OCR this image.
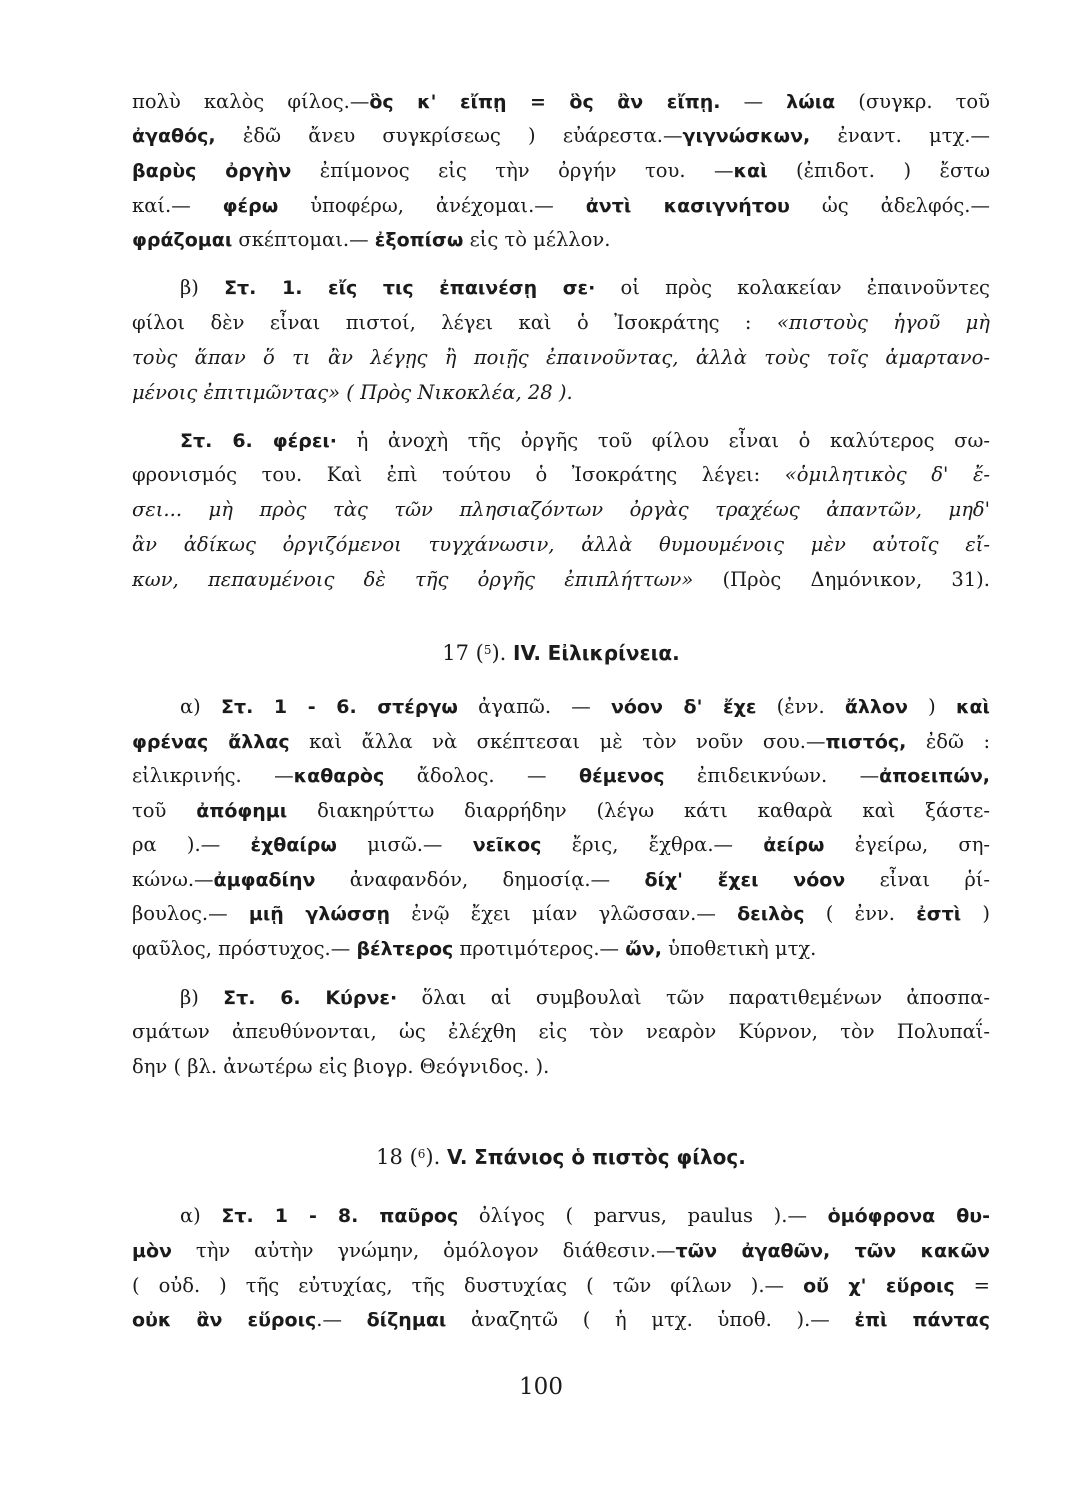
πολὺ καλὸς φίλος.—ὃς κ' εἴπῃ = ὃς ἂν εἴπῃ. — λώια (συγκρ. τοῦ
ἀγαθός, ἐδῶ ἄνευ συγκρίσεως ) εὐάρεστα.—γιγνώσκων, ἐναντ. μτχ.—
βαρὺς ὀργὴν ἐπίμονος εἰς τὴν ὀργήν του. —καὶ (ἐπιδοτ. ) ἔστω
καί.— φέρω ὑποφέρω, ἀνέχομαι.— ἀντὶ κασιγνήτου ὡς ἀδελφός.—
φράζομαι σκέπτομαι.— ἐξοπίσω εἰς τὸ μέλλον.
β) Στ. 1. εἴς τις ἐπαινέσῃ σε· οἱ πρὸς κολακείαν ἐπαινοῦντες
φίλοι δὲν εἶναι πιστοί, λέγει καὶ ὁ Ἰσοκράτης : «πιστοὺς ἡγοῦ μὴ
τοὺς ἅπαν ὅ τι ἂν λέγῃς ἢ ποιῇς ἐπαινοῦντας, ἀλλὰ τοὺς τοῖς ἁμαρτανο-
μένοις ἐπιτιμῶντας» ( Πρὸς Νικοκλέα, 28 ).
Στ. 6. φέρει· ἡ ἀνοχὴ τῆς ὀργῆς τοῦ φίλου εἶναι ὁ καλύτερος σω-
φρονισμός του. Καὶ ἐπὶ τούτου ὁ Ἰσοκράτης λέγει: «ὁμιλητικὸς δ' ἔ-
σει... μὴ πρὸς τὰς τῶν πλησιαζόντων ὀργὰς τραχέως ἀπαντῶν, μηδ'
ἂν ἀδίκως ὀργιζόμενοι τυγχάνωσιν, ἀλλὰ θυμουμένοις μὲν αὐτοῖς εἴ-
κων, πεπαυμένοις δὲ τῆς ὀργῆς ἐπιπλήττων» (Πρὸς Δημόνικον, 31).
α) Στ. 1 - 6. στέργω ἀγαπῶ. — νόον δ' ἔχε (ἐνν. ἄλλον ) καὶ
φρένας ἄλλας καὶ ἄλλα νὰ σκέπτεσαι μὲ τὸν νοῦν σου.—πιστός, ἐδῶ :
εἰλικρινής. —καθαρὸς ἄδολος. — θέμενος ἐπιδεικνύων. —ἀποειπών,
τοῦ ἀπόφημι διακηρύττω διαρρήδην (λέγω κάτι καθαρὰ καὶ ξάστε-
ρα ).— ἐχθαίρω μισῶ.— νεῖκος ἔρις, ἔχθρα.— ἀείρω ἐγείρω, ση-
κώνω.—ἀμφαδίην ἀναφανδόν, δημοσίᾳ.— δίχ' ἔχει νόον εἶναι ῥί-
βουλος.— μιῇ γλώσσῃ ἐνῷ ἔχει μίαν γλῶσσαν.— δειλὸς ( ἐνν. ἐστὶ )
φαῦλος, πρόστυχος.— βέλτερος προτιμότερος.— ὤν, ὑποθετικὴ μτχ.
β) Στ. 6. Κύρνε· ὅλαι αἱ συμβουλαὶ τῶν παρατιθεμένων ἀποσπα-
σμάτων ἀπευθύνονται, ὡς ἐλέχθη εἰς τὸν νεαρὸν Κύρνον, τὸν Πολυπαΐ-
δην ( βλ. ἀνωτέρω εἰς βιογρ. Θεόγνιδος. ).
α) Στ. 1 - 8. παῦρος ὀλίγος ( parvus, paulus ).— ὁμόφρονα θυ-
μὸν τὴν αὐτὴν γνώμην, ὁμόλογον διάθεσιν.—τῶν ἀγαθῶν, τῶν κακῶν
( οὐδ. ) τῆς εὐτυχίας, τῆς δυστυχίας ( τῶν φίλων ).— οὔ χ' εὕροις =
οὐκ ἂν εὕροις.— δίζημαι ἀναζητῶ ( ἡ μτχ. ὑποθ. ).— ἐπὶ πάντας
17 ($^5$). IV. Εἰλικρίνεια.
18 ($^6$). V. Σπάνιος ὁ πιστὸς φίλος.
100
